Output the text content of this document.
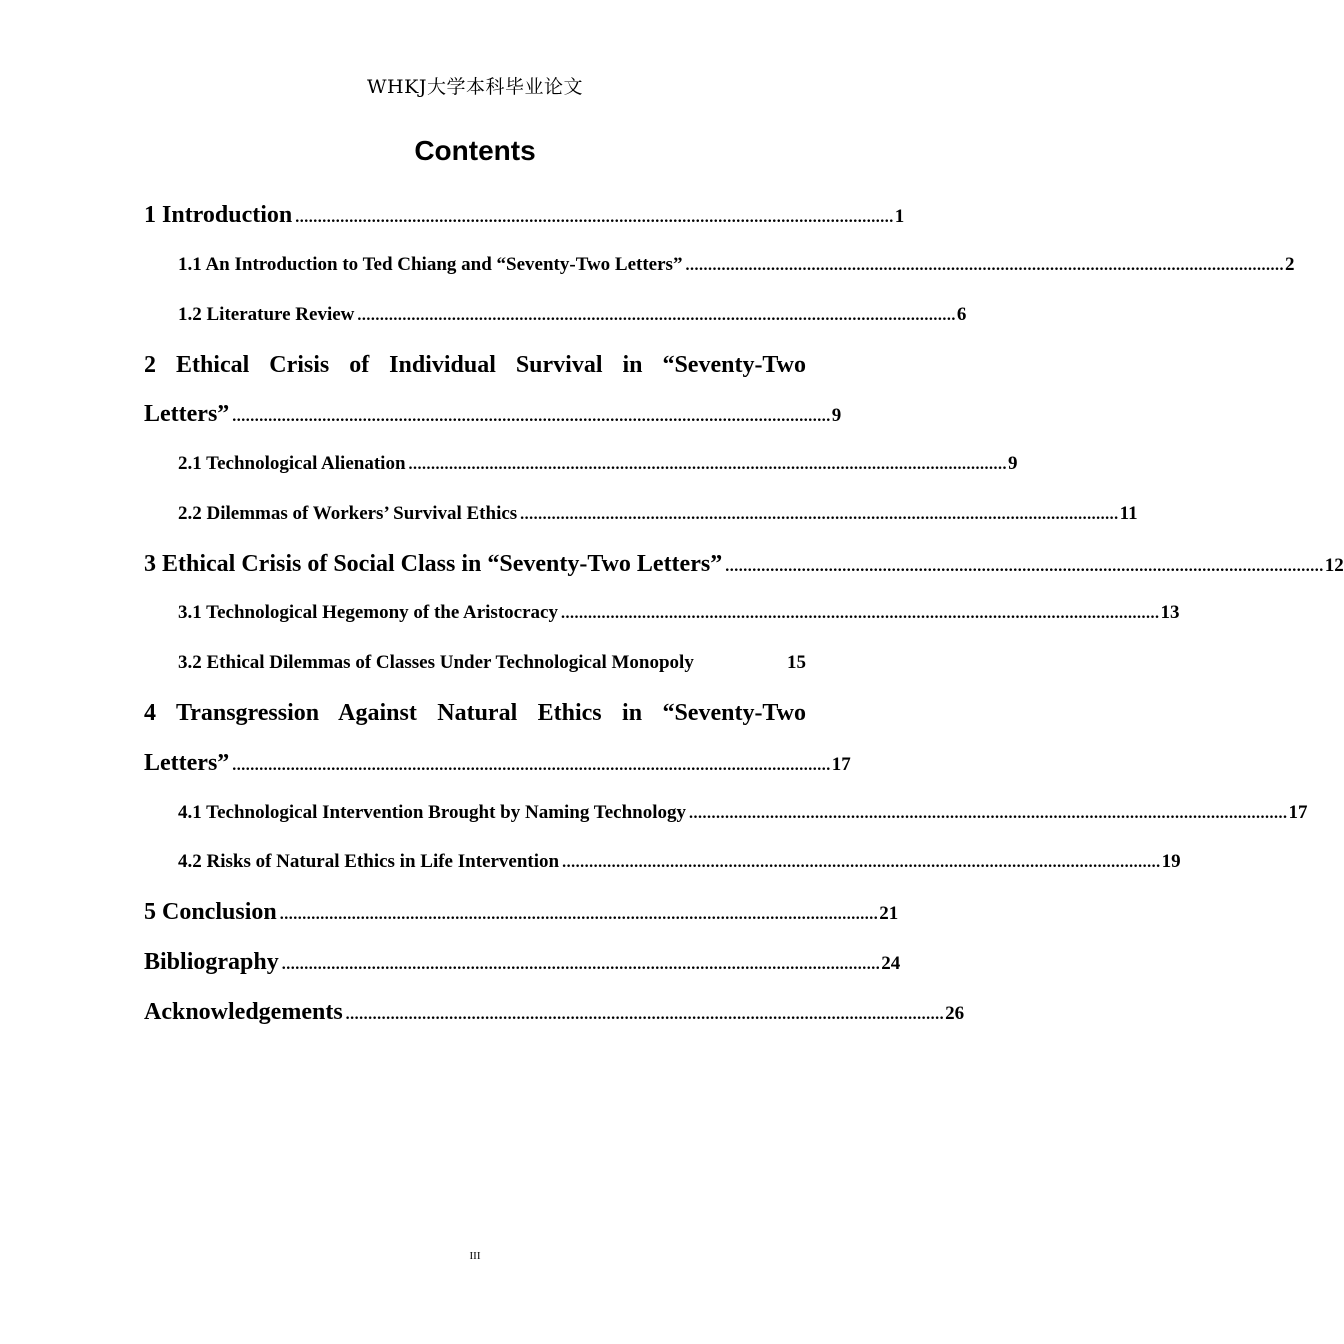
WHKJ大学本科毕业论文
Contents
1 Introduction ..................................................................................................................................... 1
1.1 An Introduction to Ted Chiang and “Seventy-Two Letters” ..................................................................................................................................... 2
1.2 Literature Review ..................................................................................................................................... 6
2 Ethical Crisis of Individual Survival in “Seventy-Two
Letters” ..................................................................................................................................... 9
2.1 Technological Alienation ..................................................................................................................................... 9
2.2 Dilemmas of Workers’ Survival Ethics ..................................................................................................................................... 11
3 Ethical Crisis of Social Class in “Seventy-Two Letters” ..................................................................................................................................... 12
3.1 Technological Hegemony of the Aristocracy ..................................................................................................................................... 13
3.2 Ethical Dilemmas of Classes Under Technological Monopoly	15
4 Transgression Against Natural Ethics in “Seventy-Two
Letters” ..................................................................................................................................... 17
4.1 Technological Intervention Brought by Naming Technology ..................................................................................................................................... 17
4.2 Risks of Natural Ethics in Life Intervention ..................................................................................................................................... 19
5 Conclusion ..................................................................................................................................... 21
Bibliography ..................................................................................................................................... 24
Acknowledgements ..................................................................................................................................... 26
III
